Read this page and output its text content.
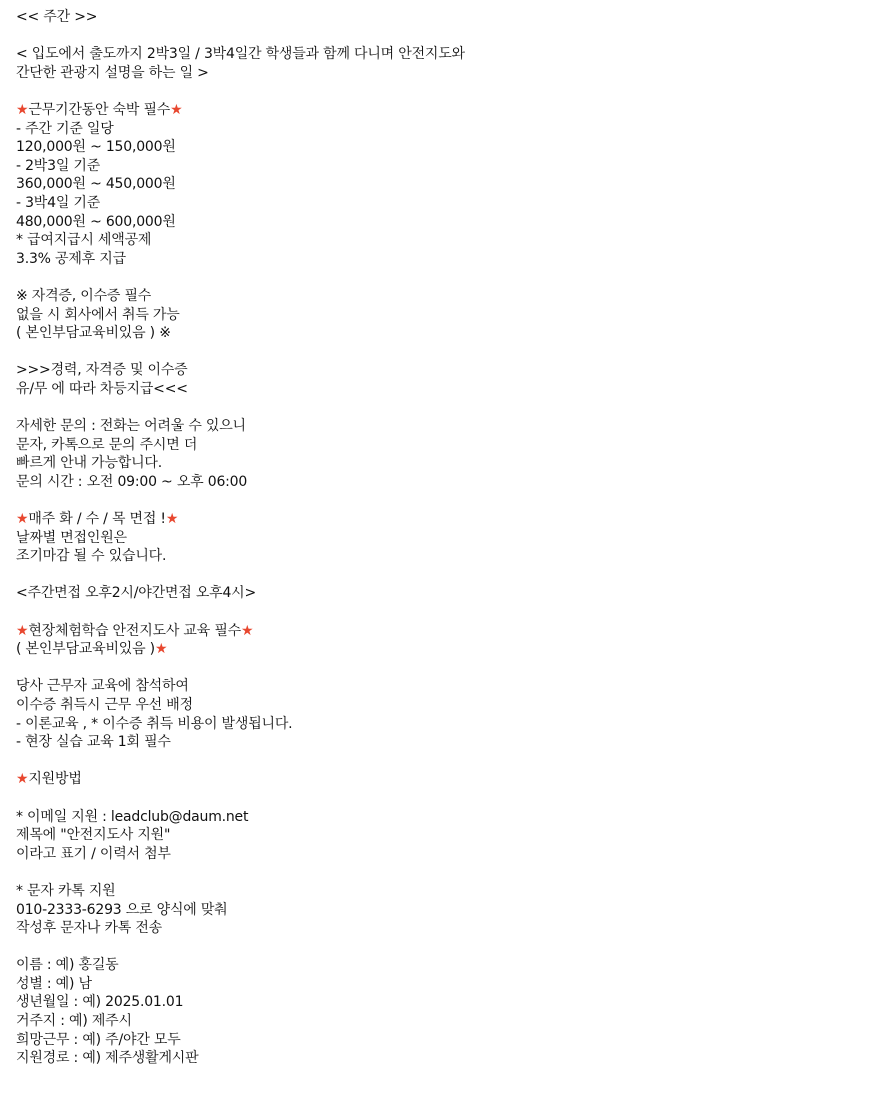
<< 주간 >>
< 입도에서 출도까지 2박3일 / 3박4일간 학생들과 함께 다니며 안전지도와
간단한 관광지 설명을 하는 일 >
★근무기간동안 숙박 필수★
- 주간 기준 일당
120,000원 ~ 150,000원
- 2박3일 기준
360,000원 ~ 450,000원
- 3박4일 기준
480,000원 ~ 600,000원
* 급여지급시 세액공제
3.3% 공제후 지급
※ 자격증, 이수증 필수
없을 시 회사에서 취득 가능
( 본인부담교육비있음 ) ※
>>>경력, 자격증 및 이수증
유/무 에 따라 차등지급<<<
자세한 문의 : 전화는 어려울 수 있으니
문자, 카톡으로 문의 주시면 더
빠르게 안내 가능합니다.
문의 시간 : 오전 09:00 ~ 오후 06:00
★매주 화 / 수 / 목 면접 !★
날짜별 면접인원은
조기마감 될 수 있습니다.
<주간면접 오후2시/야간면접 오후4시>
★현장체험학습 안전지도사 교육 필수★
( 본인부담교육비있음 )★
당사 근무자 교육에 참석하여
이수증 취득시 근무 우선 배정
- 이론교육 , * 이수증 취득 비용이 발생됩니다.
- 현장 실습 교육 1회 필수
★지원방법
* 이메일 지원 : leadclub@daum.net
제목에 "안전지도사 지원"
이라고 표기 / 이력서 첨부
* 문자 카톡 지원
010-2333-6293 으로 양식에 맞춰
작성후 문자나 카톡 전송
이름 : 예) 홍길동
성별 : 예) 남
생년월일 : 예) 2025.01.01
거주지 : 예) 제주시
희망근무 : 예) 주/야간 모두
지원경로 : 예) 제주생활게시판
